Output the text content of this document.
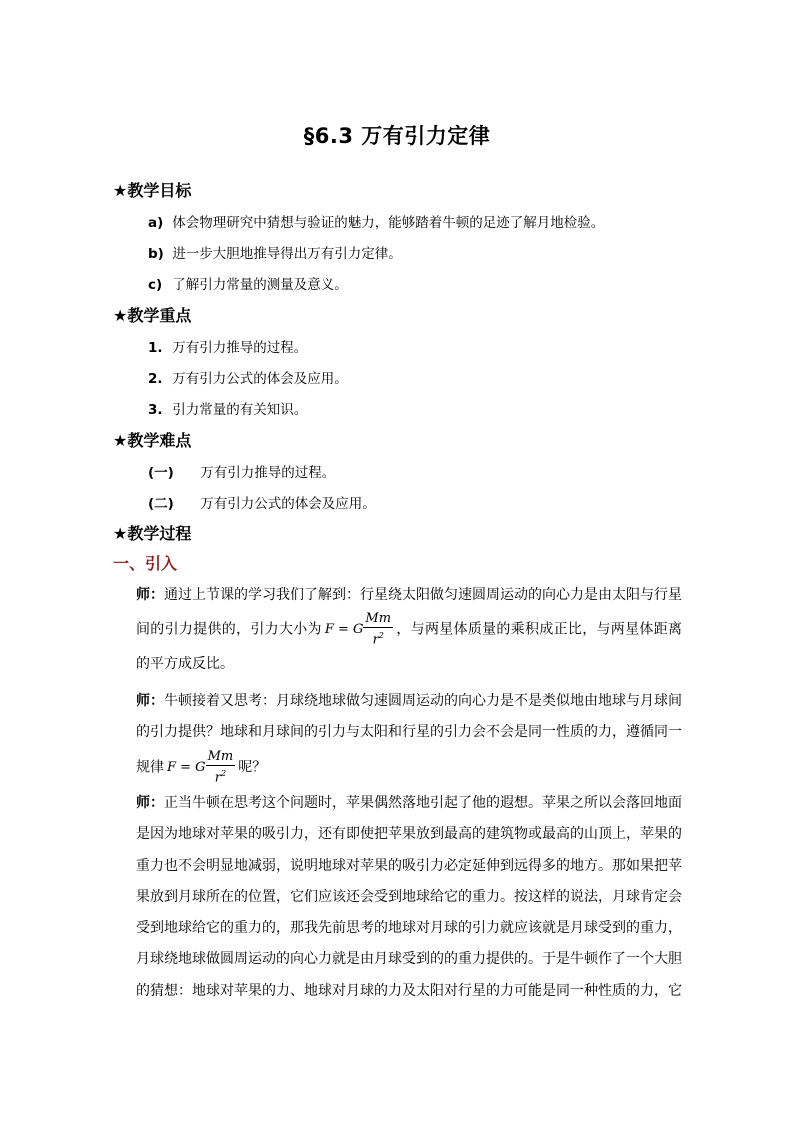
§6.3 万有引力定律
★教学目标
a) 体会物理研究中猜想与验证的魅力，能够踏着牛顿的足迹了解月地检验。
b) 进一步大胆地推导得出万有引力定律。
c) 了解引力常量的测量及意义。
★教学重点
1. 万有引力推导的过程。
2. 万有引力公式的体会及应用。
3. 引力常量的有关知识。
★教学难点
(一) 万有引力推导的过程。
(二) 万有引力公式的体会及应用。
★教学过程
一、引入
师：通过上节课的学习我们了解到：行星绕太阳做匀速圆周运动的向心力是由太阳与行星间的引力提供的，引力大小为 F = G $\frac{Mm}{r^2}$ ，与两星体质量的乘积成正比，与两星体距离的平方成反比。
师：牛顿接着又思考：月球绕地球做匀速圆周运动的向心力是不是类似地由地球与月球间的引力提供？地球和月球间的引力与太阳和行星的引力会不会是同一性质的力，遵循同一规律 F = G $\frac{Mm}{r^2}$ 呢？
师：正当牛顿在思考这个问题时，苹果偶然落地引起了他的遐想。苹果之所以会落回地面是因为地球对苹果的吸引力，还有即使把苹果放到最高的建筑物或最高的山顶上，苹果的重力也不会明显地减弱，说明地球对苹果的吸引力必定延伸到远得多的地方。那如果把苹果放到月球所在的位置，它们应该还会受到地球给它的重力。按这样的说法，月球肯定会受到地球给它的重力的，那我先前思考的地球对月球的引力就应该就是月球受到的重力，月球绕地球做圆周运动的向心力就是由月球受到的的重力提供的。于是牛顿作了一个大胆的猜想：地球对苹果的力、地球对月球的力及太阳对行星的力可能是同一种性质的力，它
